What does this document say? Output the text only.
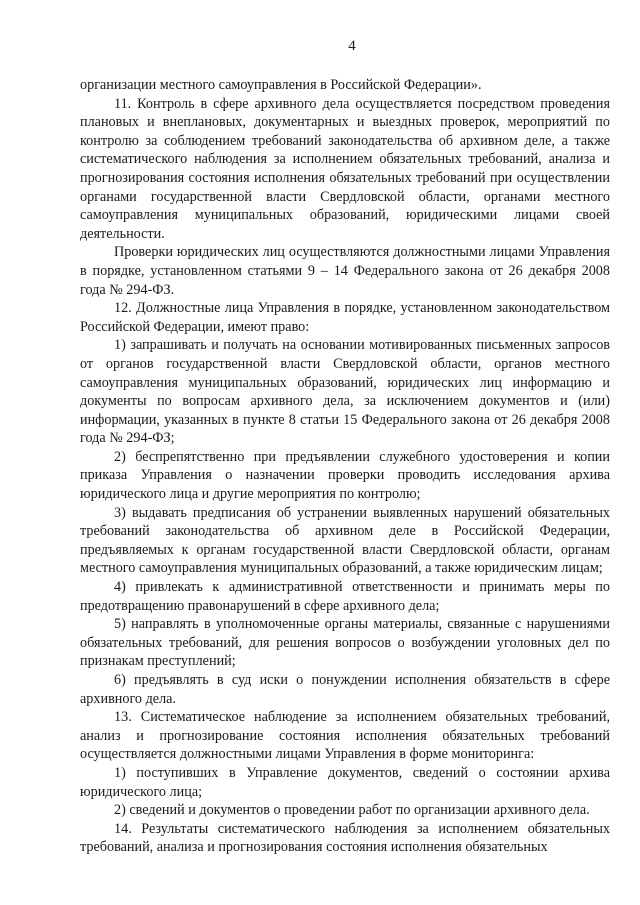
4

организации местного самоуправления в Российской Федерации».

11. Контроль в сфере архивного дела осуществляется посредством проведения плановых и внеплановых, документарных и выездных проверок, мероприятий по контролю за соблюдением требований законодательства об архивном деле, а также систематического наблюдения за исполнением обязательных требований, анализа и прогнозирования состояния исполнения обязательных требований при осуществлении органами государственной власти Свердловской области, органами местного самоуправления муниципальных образований, юридическими лицами своей деятельности.

Проверки юридических лиц осуществляются должностными лицами Управления в порядке, установленном статьями 9 – 14 Федерального закона от 26 декабря 2008 года № 294-ФЗ.

12. Должностные лица Управления в порядке, установленном законодательством Российской Федерации, имеют право:

1) запрашивать и получать на основании мотивированных письменных запросов от органов государственной власти Свердловской области, органов местного самоуправления муниципальных образований, юридических лиц информацию и документы по вопросам архивного дела, за исключением документов и (или) информации, указанных в пункте 8 статьи 15 Федерального закона от 26 декабря 2008 года № 294-ФЗ;

2) беспрепятственно при предъявлении служебного удостоверения и копии приказа Управления о назначении проверки проводить исследования архива юридического лица и другие мероприятия по контролю;

3) выдавать предписания об устранении выявленных нарушений обязательных требований законодательства об архивном деле в Российской Федерации, предъявляемых к органам государственной власти Свердловской области, органам местного самоуправления муниципальных образований, а также юридическим лицам;

4) привлекать к административной ответственности и принимать меры по предотвращению правонарушений в сфере архивного дела;

5) направлять в уполномоченные органы материалы, связанные с нарушениями обязательных требований, для решения вопросов о возбуждении уголовных дел по признакам преступлений;

6) предъявлять в суд иски о понуждении исполнения обязательств в сфере архивного дела.

13. Систематическое наблюдение за исполнением обязательных требований, анализ и прогнозирование состояния исполнения обязательных требований осуществляется должностными лицами Управления в форме мониторинга:

1) поступивших в Управление документов, сведений о состоянии архива юридического лица;

2) сведений и документов о проведении работ по организации архивного дела.

14. Результаты систематического наблюдения за исполнением обязательных требований, анализа и прогнозирования состояния исполнения обязательных
